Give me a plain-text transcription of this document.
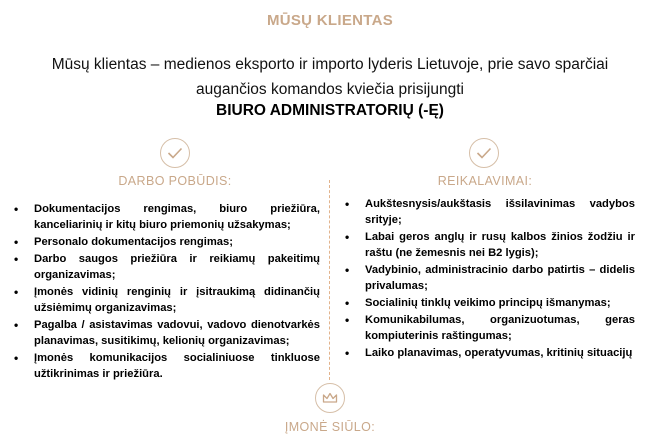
MŪSŲ KLIENTAS
Mūsų klientas – medienos eksporto ir importo lyderis Lietuvoje, prie savo sparčiai
augančios komandos kviečia prisijungti
BIURO ADMINISTRATORIŲ (-Ę)
DARBO POBŪDIS:
• Dokumentacijos rengimas, biuro priežiūra, kanceliarinių ir kitų biuro priemonių užsakymas;
• Personalo dokumentacijos rengimas;
• Darbo saugos priežiūra ir reikiamų pakeitimų organizavimas;
• Įmonės vidinių renginių ir įsitraukimą didinančių užsiėmimų organizavimas;
• Pagalba / asistavimas vadovui, vadovo dienotvarkės planavimas, susitikimų, kelionių organizavimas;
• Įmonės komunikacijos socialiniuose tinkluose užtikrinimas ir priežiūra.
REIKALAVIMAI:
• Aukštesnysis/aukštasis išsilavinimas vadybos srityje;
• Labai geros anglų ir rusų kalbos žinios žodžiu ir raštu (ne žemesnis nei B2 lygis);
• Vadybinio, administracinio darbo patirtis – didelis privalumas;
• Socialinių tinklų veikimo principų išmanymas;
• Komunikabilumas, organizuotumas, geras kompiuterinis raštingumas;
• Laiko planavimas, operatyvumas, kritinių situacijų
ĮMONĖ SIŪLO:
